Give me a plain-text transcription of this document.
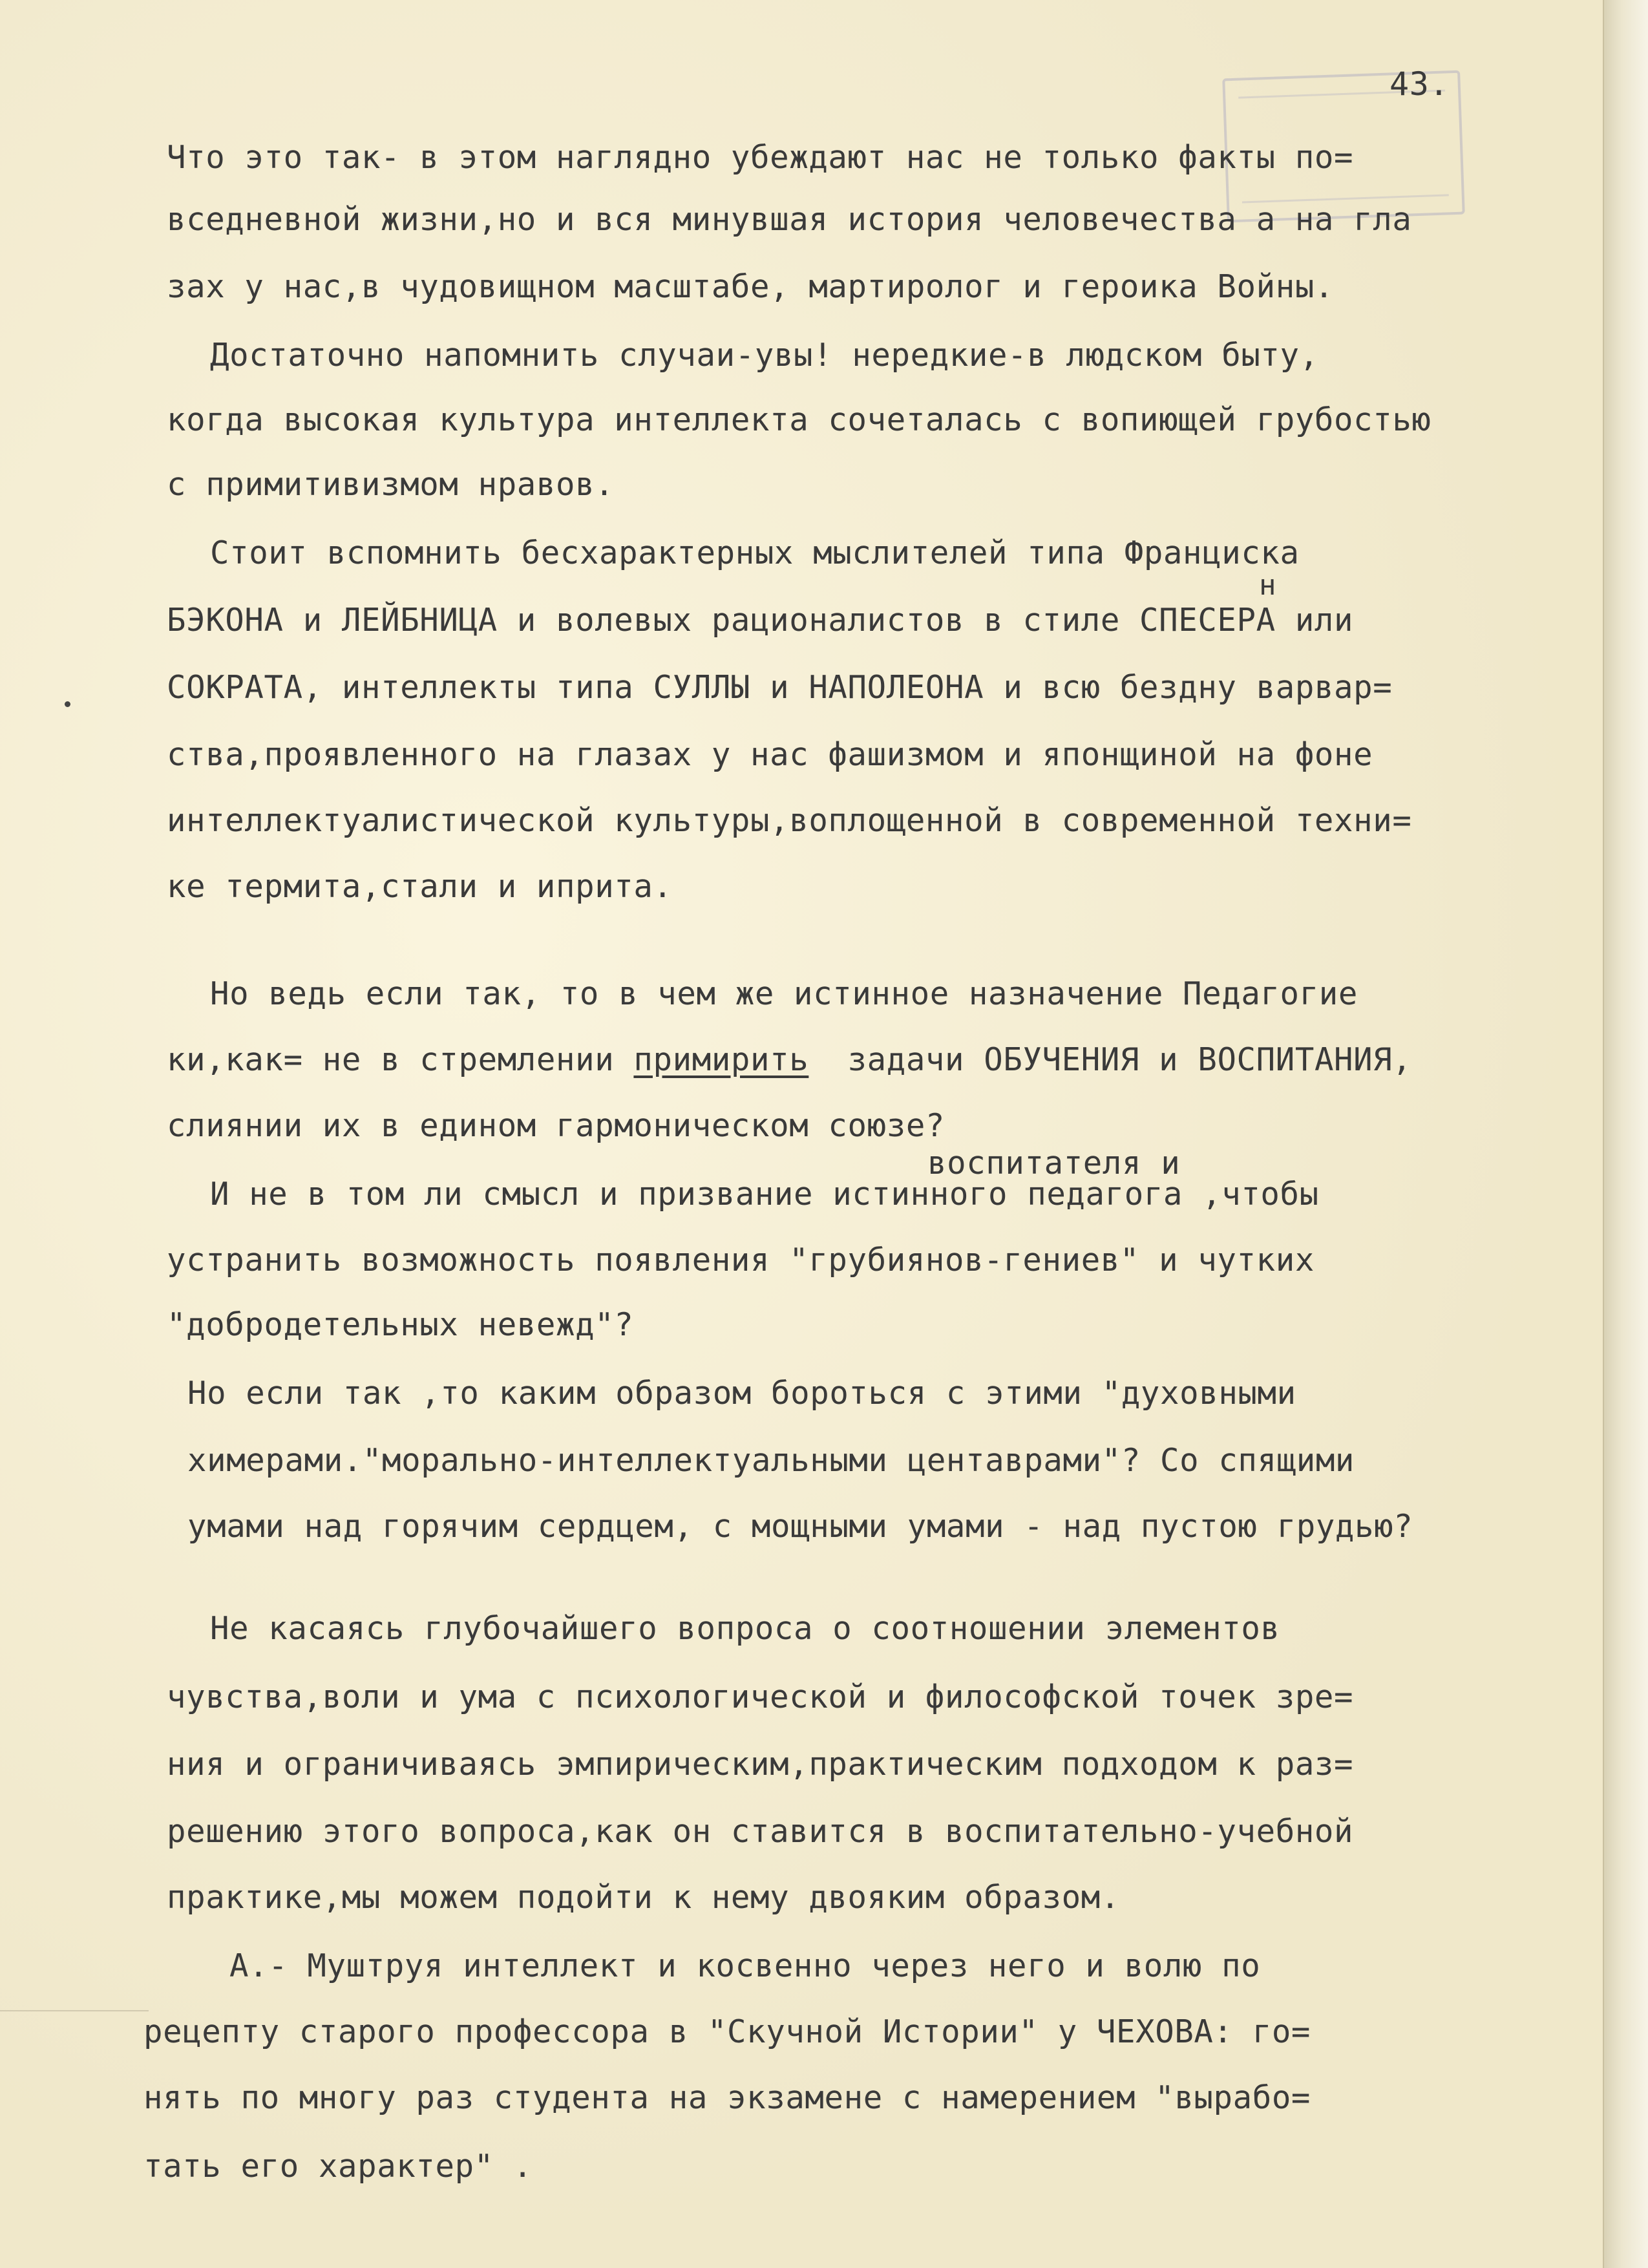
43.
Что это так- в этом наглядно убеждают нас не только факты по=
вседневной жизни,но и вся минувшая история человечества а на гла
зах у нас,в чудовищном масштабе, мартиролог и героика Войны.
Достаточно напомнить случаи-увы! нередкие-в людском быту,
когда высокая культура интеллекта сочеталась с вопиющей грубостью
с примитивизмом нравов.
Стоит вспомнить бесхарактерных мыслителей типа Франциска
н
БЭКОНА и ЛЕЙБНИЦА и волевых рационалистов в стиле СПЕСЕРА или
СОКРАТА, интеллекты типа СУЛЛЫ и НАПОЛЕОНА и всю бездну варвар=
ства,проявленного на глазах у нас фашизмом и японщиной на фоне
интеллектуалистической культуры,воплощенной в современной техни=
ке термита,стали и иприта.
Но ведь если так, то в чем же истинное назначение Педагогие
ки,как= не в стремлении примирить задачи ОБУЧЕНИЯ и ВОСПИТАНИЯ,
слиянии их в едином гармоническом союзе?
воспитателя и
И не в том ли смысл и призвание истинного педагога ,чтобы
устранить возможность появления "грубиянов-гениев" и чутких
"добродетельных невежд"?
Но если так ,то каким образом бороться с этими "духовными
химерами."морально-интеллектуальными центаврами"? Со спящими
умами над горячим сердцем, с мощными умами - над пустою грудью?
Не касаясь глубочайшего вопроса о соотношении элементов
чувства,воли и ума с психологической и философской точек зре=
ния и ограничиваясь эмпирическим,практическим подходом к раз=
решению этого вопроса,как он ставится в воспитательно-учебной
практике,мы можем подойти к нему двояким образом.
А.- Муштруя интеллект и косвенно через него и волю по
рецепту старого профессора в "Скучной Истории" у ЧЕХОВА: го=
нять по многу раз студента на экзамене с намерением "вырабо=
тать его характер" .
